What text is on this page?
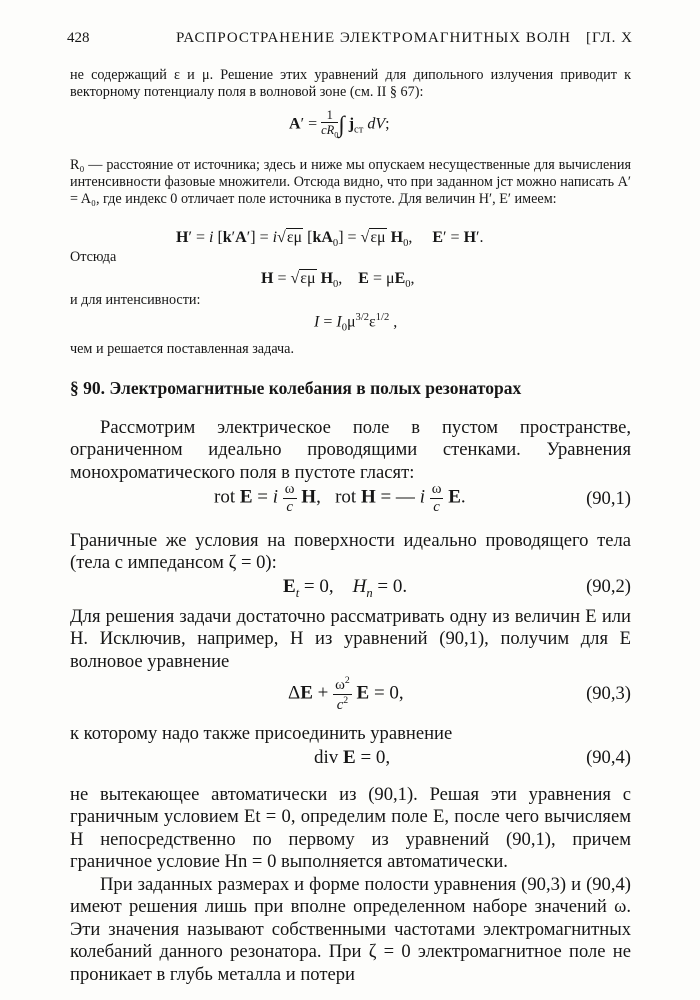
428	РАСПРОСТРАНЕНИЕ ЭЛЕКТРОМАГНИТНЫХ ВОЛН [ГЛ. X

не содержащий ε и μ. Решение этих уравнений для дипольного излучения приводит к векторному потенциалу поля в волновой зоне (см. II § 67):

$A' = \frac{1}{cR_0}$ ∫ $j_{ст}$ dV;

R₀ — расстояние от источника; здесь и ниже мы опускаем несущественные для вычисления интенсивности фазовые множители. Отсюда видно, что при заданном jст можно написать A′ = A₀, где индекс 0 отличает поле источника в пустоте. Для величин H′, E′ имеем:

H′ = i [k′A′] = i√εμ $[kA_0] = √\varepsilon\mu$ $H_0$,     E′ = H′.

Отсюда

H = √εμ $H_0$,    $E = \mu E_0$,

и для интенсивности:

$I = I_0\mu^{3/2}\varepsilon^{1/2}$ ,

чем и решается поставленная задача.

§ 90. Электромагнитные колебания в полых резонаторах

Рассмотрим электрическое поле в пустом пространстве, ограниченном идеально проводящими стенками. Уравнения монохроматического поля в пустоте гласят:

rot E = i $\frac{\omega}{c} H$,   rot H = — i $\frac{\omega}{c} E$.	(90,1)

Граничные же условия на поверхности идеально проводящего тела (тела с импедансом ζ = 0):

$E_t = 0$,    $H_n = 0$.	(90,2)

Для решения задачи достаточно рассматривать одну из величин E или H. Исключив, например, H из уравнений (90,1), получим для E волновое уравнение

$\Delta E + \frac{\omega^2}{c^2}$ E = 0,	(90,3)

к которому надо также присоединить уравнение

div E = 0,	(90,4)

не вытекающее автоматически из (90,1). Решая эти уравнения с граничным условием Et = 0, определим поле E, после чего вычисляем H непосредственно по первому из уравнений (90,1), причем граничное условие Hn = 0 выполняется автоматически.

При заданных размерах и форме полости уравнения (90,3) и (90,4) имеют решения лишь при вполне определенном наборе значений ω. Эти значения называют собственными частотами электромагнитных колебаний данного резонатора. При ζ = 0 электромагнитное поле не проникает в глубь металла и потери
